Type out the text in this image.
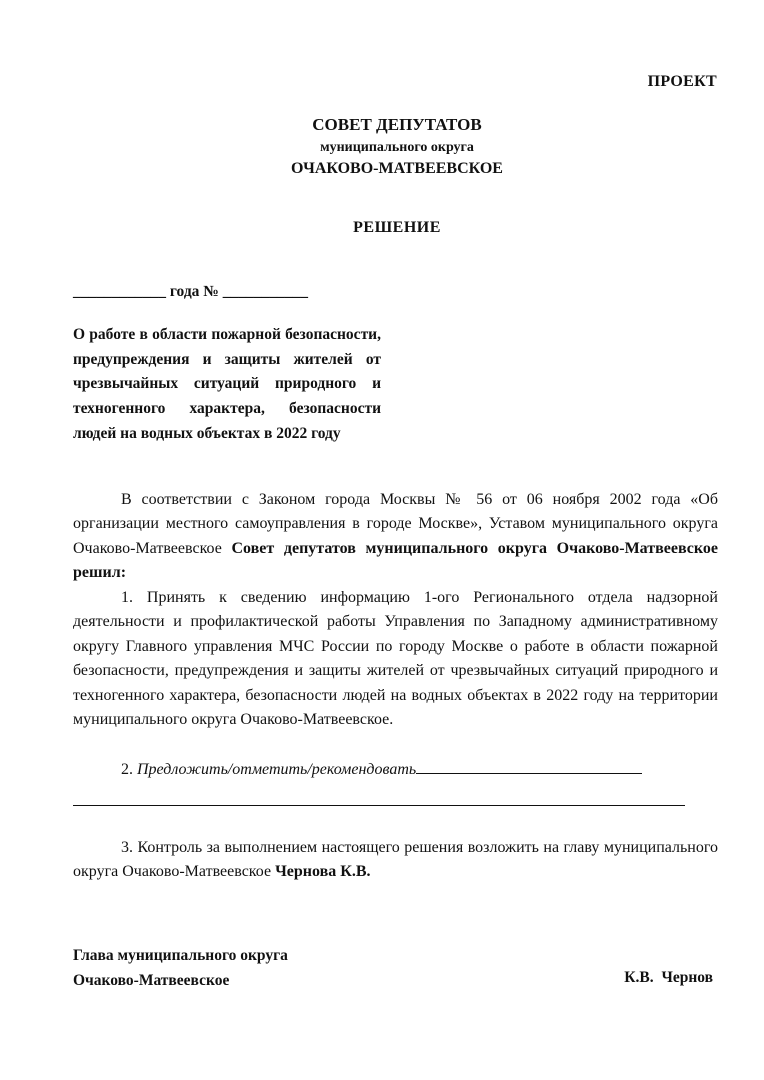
ПРОЕКТ
СОВЕТ ДЕПУТАТОВ
муниципального округа
ОЧАКОВО-МАТВЕЕВСКОЕ
РЕШЕНИЕ
____________ года № ___________
О работе в области пожарной безопасности, предупреждения и защиты жителей от чрезвычайных ситуаций природного и техногенного характера, безопасности людей на водных объектах в 2022 году
В соответствии с Законом города Москвы № 56 от 06 ноября 2002 года «Об организации местного самоуправления в городе Москве», Уставом муниципального округа Очаково-Матвеевское Совет депутатов муниципального округа Очаково-Матвеевское решил:
1. Принять к сведению информацию 1-ого Регионального отдела надзорной деятельности и профилактической работы Управления по Западному административному округу Главного управления МЧС России по городу Москве о работе в области пожарной безопасности, предупреждения и защиты жителей от чрезвычайных ситуаций природного и техногенного характера, безопасности людей на водных объектах в 2022 году на территории муниципального округа Очаково-Матвеевское.
2. Предложить/отметить/рекомендовать
3. Контроль за выполнением настоящего решения возложить на главу муниципального округа Очаково-Матвеевское Чернова К.В.
Глава муниципального округа
Очаково-Матвеевское	К.В. Чернов
